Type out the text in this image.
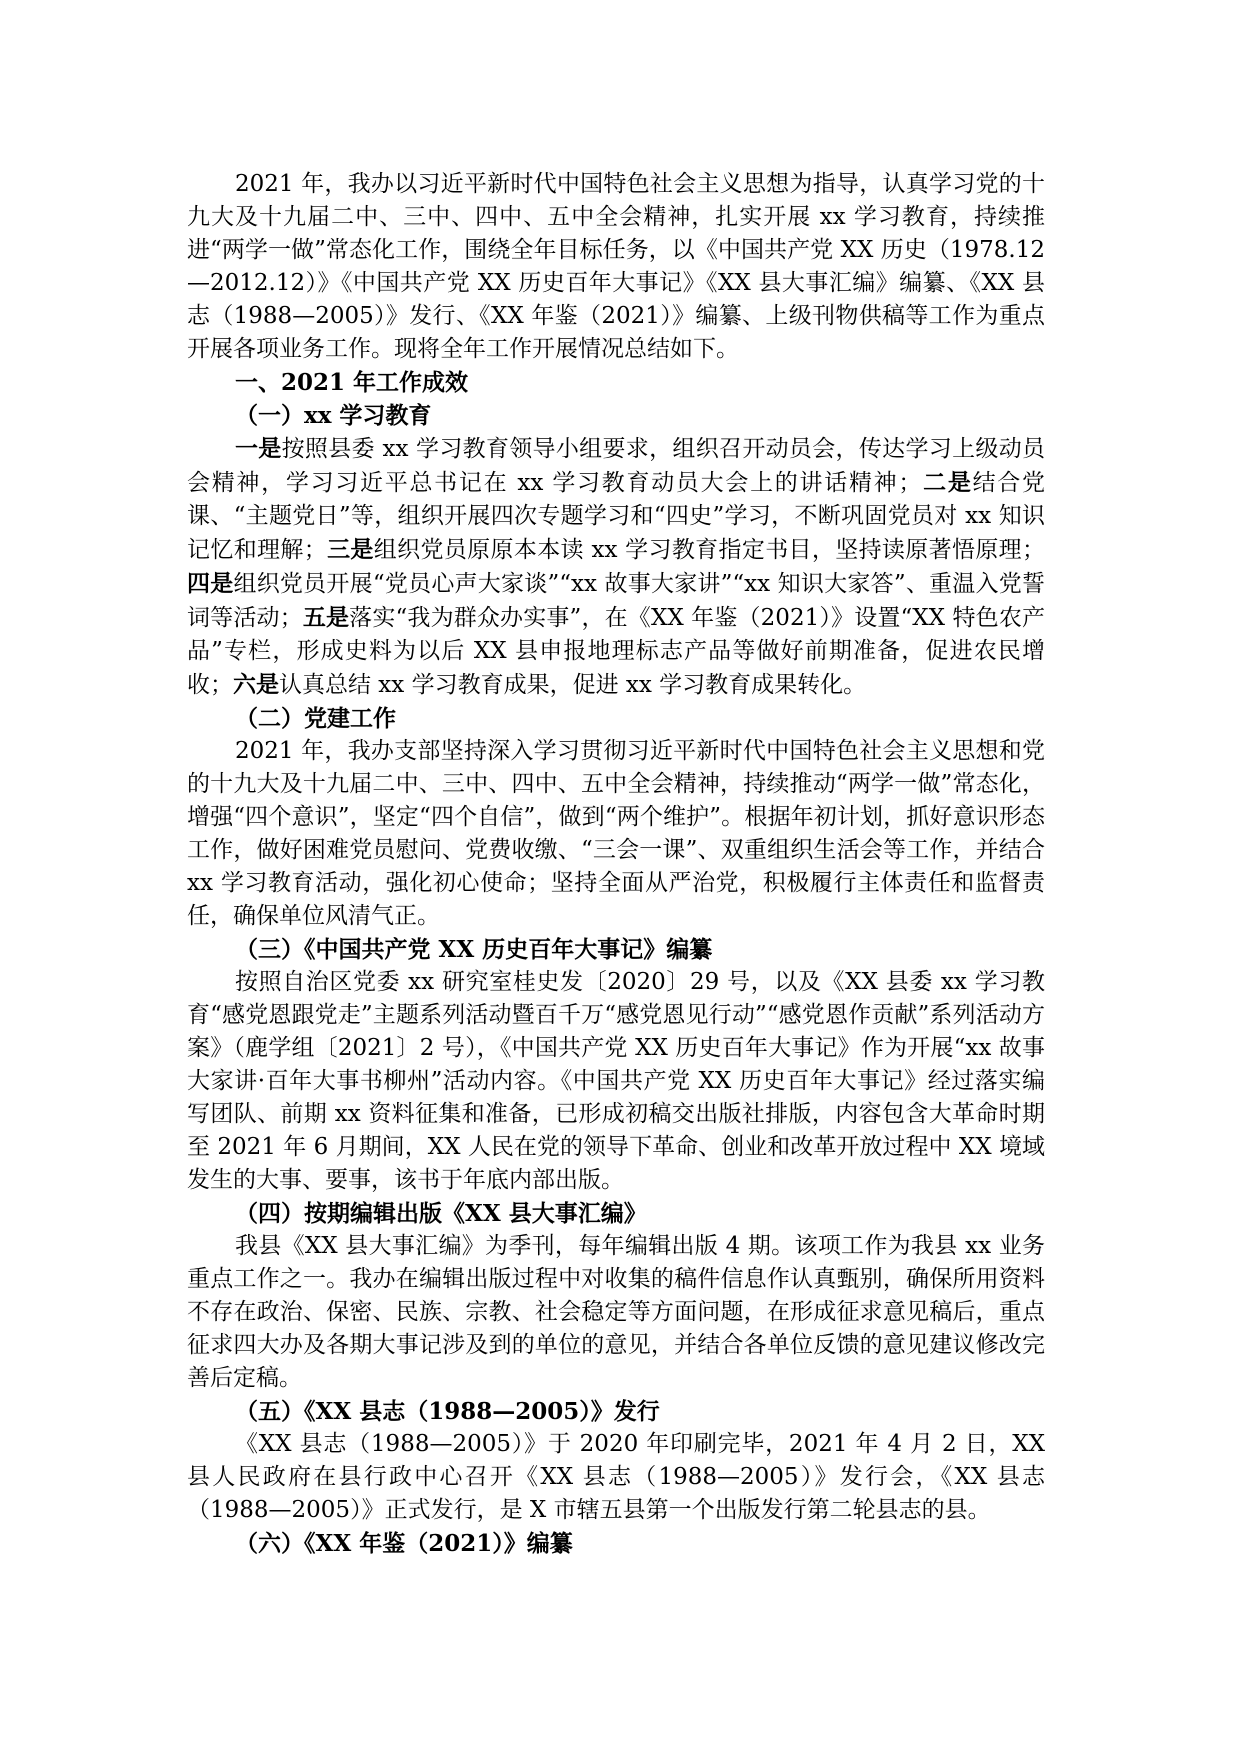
2021 年，我办以习近平新时代中国特色社会主义思想为指导，认真学习党的十九大及十九届二中、三中、四中、五中全会精神，扎实开展 xx 学习教育，持续推进“两学一做”常态化工作，围绕全年目标任务，以《中国共产党 XX 历史（1978.12—2012.12）》《中国共产党 XX 历史百年大事记》《XX 县大事汇编》编纂、《XX 县志（1988—2005）》发行、《XX 年鉴（2021）》编纂、上级刊物供稿等工作为重点开展各项业务工作。现将全年工作开展情况总结如下。

一、2021 年工作成效

（一）xx 学习教育

一是按照县委 xx 学习教育领导小组要求，组织召开动员会，传达学习上级动员会精神，学习习近平总书记在 xx 学习教育动员大会上的讲话精神；二是结合党课、“主题党日”等，组织开展四次专题学习和“四史”学习，不断巩固党员对 xx 知识记忆和理解；三是组织党员原原本本读 xx 学习教育指定书目，坚持读原著悟原理；四是组织党员开展“党员心声大家谈”“xx 故事大家讲”“xx 知识大家答”、重温入党誓词等活动；五是落实“我为群众办实事”，在《XX 年鉴（2021）》设置“XX 特色农产品”专栏，形成史料为以后 XX 县申报地理标志产品等做好前期准备，促进农民增收；六是认真总结 xx 学习教育成果，促进 xx 学习教育成果转化。

（二）党建工作

2021 年，我办支部坚持深入学习贯彻习近平新时代中国特色社会主义思想和党的十九大及十九届二中、三中、四中、五中全会精神，持续推动“两学一做”常态化，增强“四个意识”，坚定“四个自信”，做到“两个维护”。根据年初计划，抓好意识形态工作，做好困难党员慰问、党费收缴、“三会一课”、双重组织生活会等工作，并结合 xx 学习教育活动，强化初心使命；坚持全面从严治党，积极履行主体责任和监督责任，确保单位风清气正。

（三）《中国共产党 XX 历史百年大事记》编纂

按照自治区党委 xx 研究室桂史发〔2020〕29 号，以及《XX 县委 xx 学习教育“感党恩跟党走”主题系列活动暨百千万“感党恩见行动”“感党恩作贡献”系列活动方案》（鹿学组〔2021〕2 号），《中国共产党 XX 历史百年大事记》作为开展“xx 故事大家讲·百年大事书柳州”活动内容。《中国共产党 XX 历史百年大事记》经过落实编写团队、前期 xx 资料征集和准备，已形成初稿交出版社排版，内容包含大革命时期至 2021 年 6 月期间，XX 人民在党的领导下革命、创业和改革开放过程中 XX 境域发生的大事、要事，该书于年底内部出版。

（四）按期编辑出版《XX 县大事汇编》

我县《XX 县大事汇编》为季刊，每年编辑出版 4 期。该项工作为我县 xx 业务重点工作之一。我办在编辑出版过程中对收集的稿件信息作认真甄别，确保所用资料不存在政治、保密、民族、宗教、社会稳定等方面问题，在形成征求意见稿后，重点征求四大办及各期大事记涉及到的单位的意见，并结合各单位反馈的意见建议修改完善后定稿。

（五）《XX 县志（1988—2005）》发行

《XX 县志（1988—2005）》于 2020 年印刷完毕，2021 年 4 月 2 日，XX 县人民政府在县行政中心召开《XX 县志（1988—2005）》发行会，《XX 县志（1988—2005）》正式发行，是 X 市辖五县第一个出版发行第二轮县志的县。

（六）《XX 年鉴（2021）》编纂
